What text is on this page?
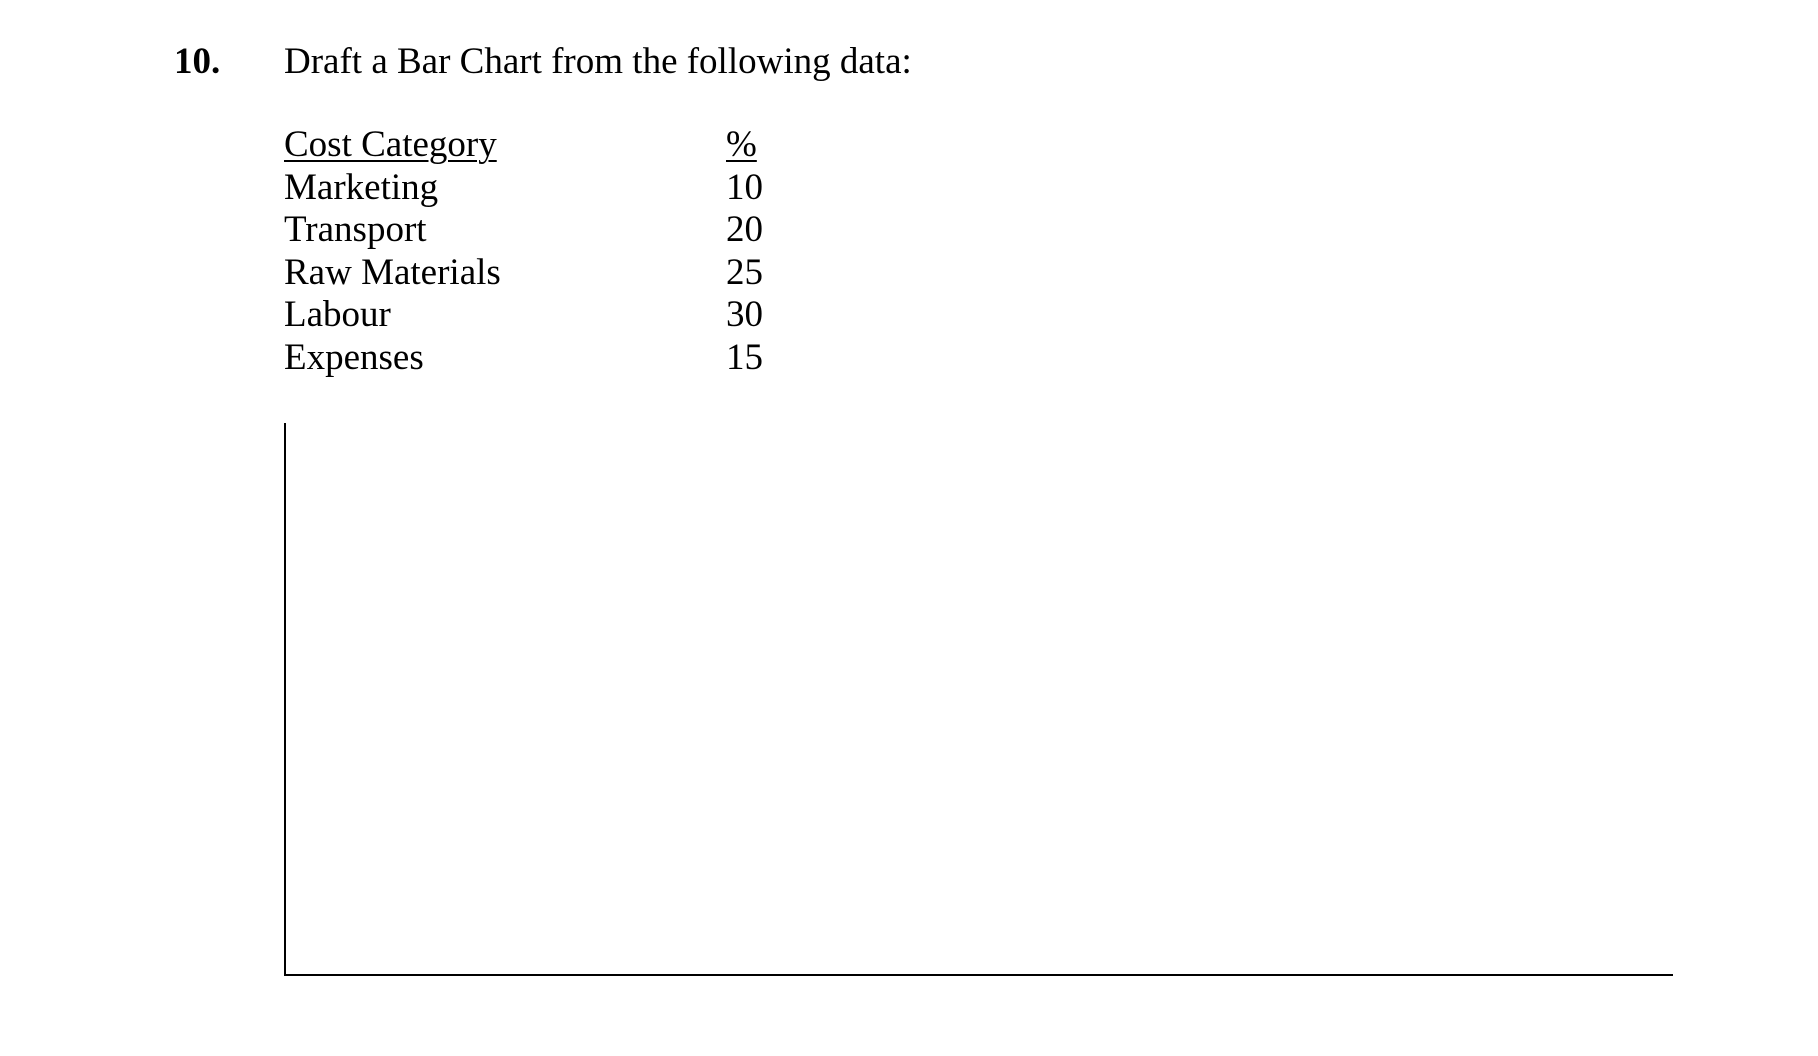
10. Draft a Bar Chart from the following data:
Cost Category	%
Marketing	10
Transport	20
Raw Materials	25
Labour	30
Expenses	15
